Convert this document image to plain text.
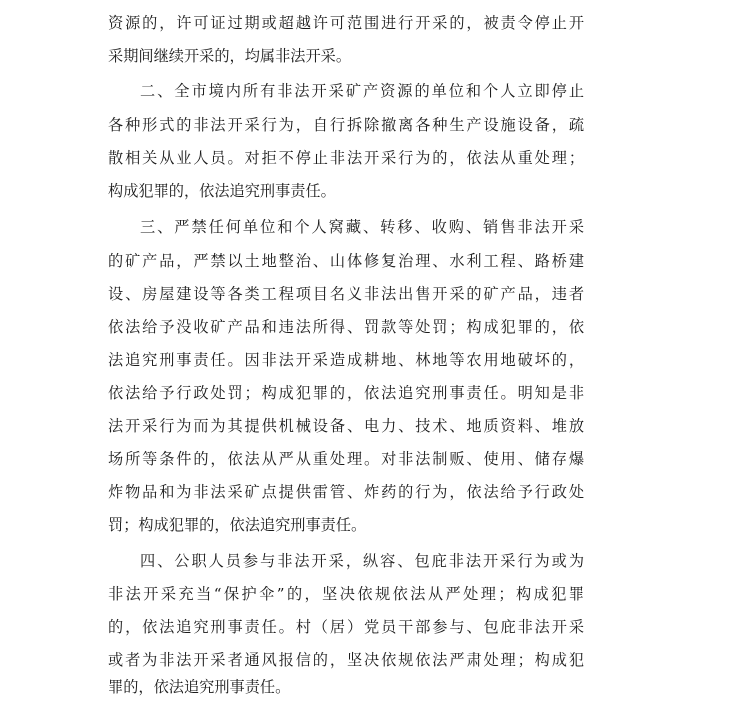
资源的，许可证过期或超越许可范围进行开采的，被责令停止开
采期间继续开采的，均属非法开采。
二、全市境内所有非法开采矿产资源的单位和个人立即停止
各种形式的非法开采行为，自行拆除撤离各种生产设施设备，疏
散相关从业人员。对拒不停止非法开采行为的，依法从重处理；
构成犯罪的，依法追究刑事责任。
三、严禁任何单位和个人窝藏、转移、收购、销售非法开采
的矿产品，严禁以土地整治、山体修复治理、水利工程、路桥建
设、房屋建设等各类工程项目名义非法出售开采的矿产品，违者
依法给予没收矿产品和违法所得、罚款等处罚；构成犯罪的，依
法追究刑事责任。因非法开采造成耕地、林地等农用地破坏的，
依法给予行政处罚；构成犯罪的，依法追究刑事责任。明知是非
法开采行为而为其提供机械设备、电力、技术、地质资料、堆放
场所等条件的，依法从严从重处理。对非法制贩、使用、储存爆
炸物品和为非法采矿点提供雷管、炸药的行为，依法给予行政处
罚；构成犯罪的，依法追究刑事责任。
四、公职人员参与非法开采，纵容、包庇非法开采行为或为
非法开采充当“保护伞”的，坚决依规依法从严处理；构成犯罪
的，依法追究刑事责任。村（居）党员干部参与、包庇非法开采
或者为非法开采者通风报信的，坚决依规依法严肃处理；构成犯
罪的，依法追究刑事责任。
